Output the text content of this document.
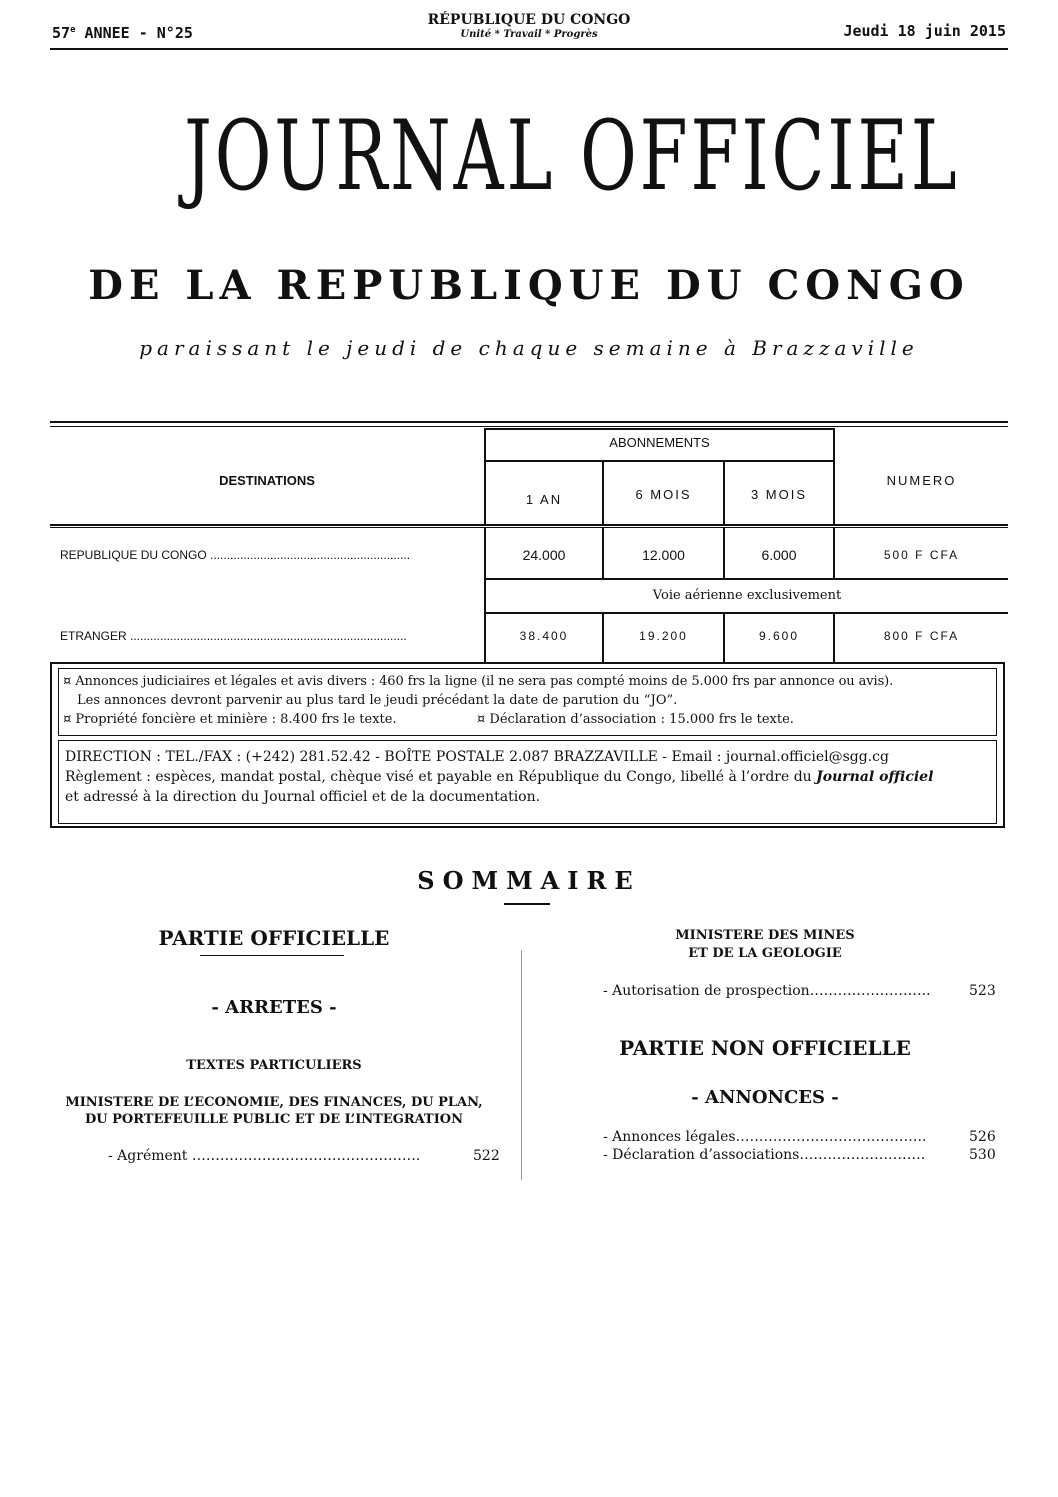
57e ANNEE - N°25
RÉPUBLIQUE DU CONGO
Unité * Travail * Progrès	Jeudi 18 juin 2015
JOURNAL OFFICIEL
DE LA REPUBLIQUE DU CONGO
paraissant le jeudi de chaque semaine à Brazzaville
DESTINATIONS
ABONNEMENTS
1 AN	6 MOIS	3 MOIS
NUMERO
REPUBLIQUE DU CONGO ............................................................	24.000	12.000	6.000	500 F CFA
Voie aérienne exclusivement
ETRANGER ...................................................................................	38.400	19.200	9.600	800 F CFA
¤ Annonces judiciaires et légales et avis divers : 460 frs la ligne (il ne sera pas compté moins de 5.000 frs par annonce ou avis).
Les annonces devront parvenir au plus tard le jeudi précédant la date de parution du “JO”.
¤ Propriété foncière et minière : 8.400 frs le texte.	¤ Déclaration d’association : 15.000 frs le texte.
DIRECTION : TEL./FAX : (+242) 281.52.42 - BOÎTE POSTALE 2.087 BRAZZAVILLE - Email : journal.officiel@sgg.cg
Règlement : espèces, mandat postal, chèque visé et payable en République du Congo, libellé à l’ordre du Journal officiel
et adressé à la direction du Journal officiel et de la documentation.
SOMMAIRE
PARTIE OFFICIELLE
- ARRETES -
TEXTES PARTICULIERS
MINISTERE DE L’ECONOMIE, DES FINANCES, DU PLAN,
DU PORTEFEUILLE PUBLIC ET DE L’INTEGRATION
- Agrément ………………………………………….	522
MINISTERE DES MINES
ET DE LA GEOLOGIE
- Autorisation de prospection……………………..	523
PARTIE NON OFFICIELLE
- ANNONCES -
- Annonces légales…………………………………..	526
- Déclaration d’associations………………………	530
